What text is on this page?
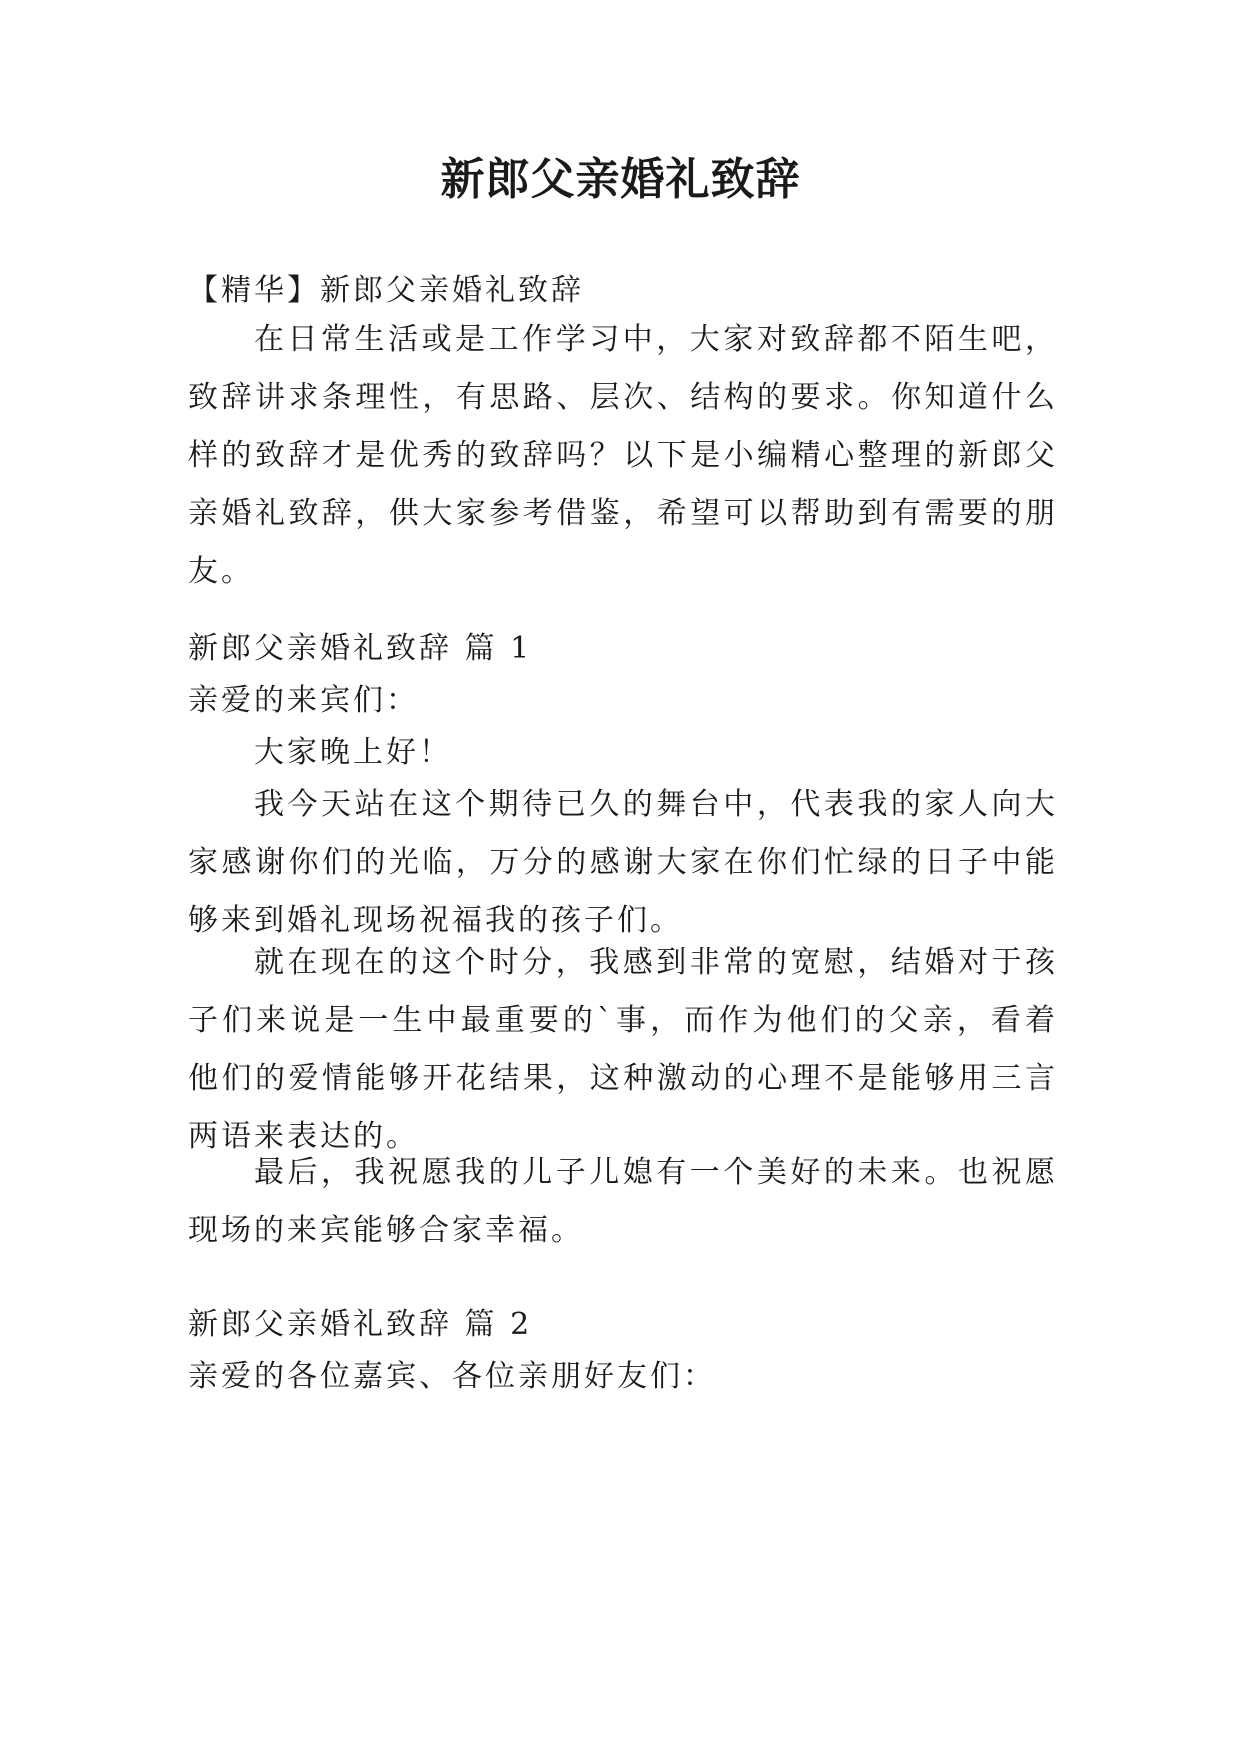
新郎父亲婚礼致辞

【精华】新郎父亲婚礼致辞

在日常生活或是工作学习中，大家对致辞都不陌生吧，致辞讲求条理性，有思路、层次、结构的要求。你知道什么样的致辞才是优秀的致辞吗？以下是小编精心整理的新郎父亲婚礼致辞，供大家参考借鉴，希望可以帮助到有需要的朋友。

新郎父亲婚礼致辞 篇 1

亲爱的来宾们：

大家晚上好！

我今天站在这个期待已久的舞台中，代表我的家人向大家感谢你们的光临，万分的感谢大家在你们忙绿的日子中能够来到婚礼现场祝福我的孩子们。

就在现在的这个时分，我感到非常的宽慰，结婚对于孩子们来说是一生中最重要的`事，而作为他们的父亲，看着他们的爱情能够开花结果，这种激动的心理不是能够用三言两语来表达的。

最后，我祝愿我的儿子儿媳有一个美好的未来。也祝愿现场的来宾能够合家幸福。

新郎父亲婚礼致辞 篇 2

亲爱的各位嘉宾、各位亲朋好友们：
